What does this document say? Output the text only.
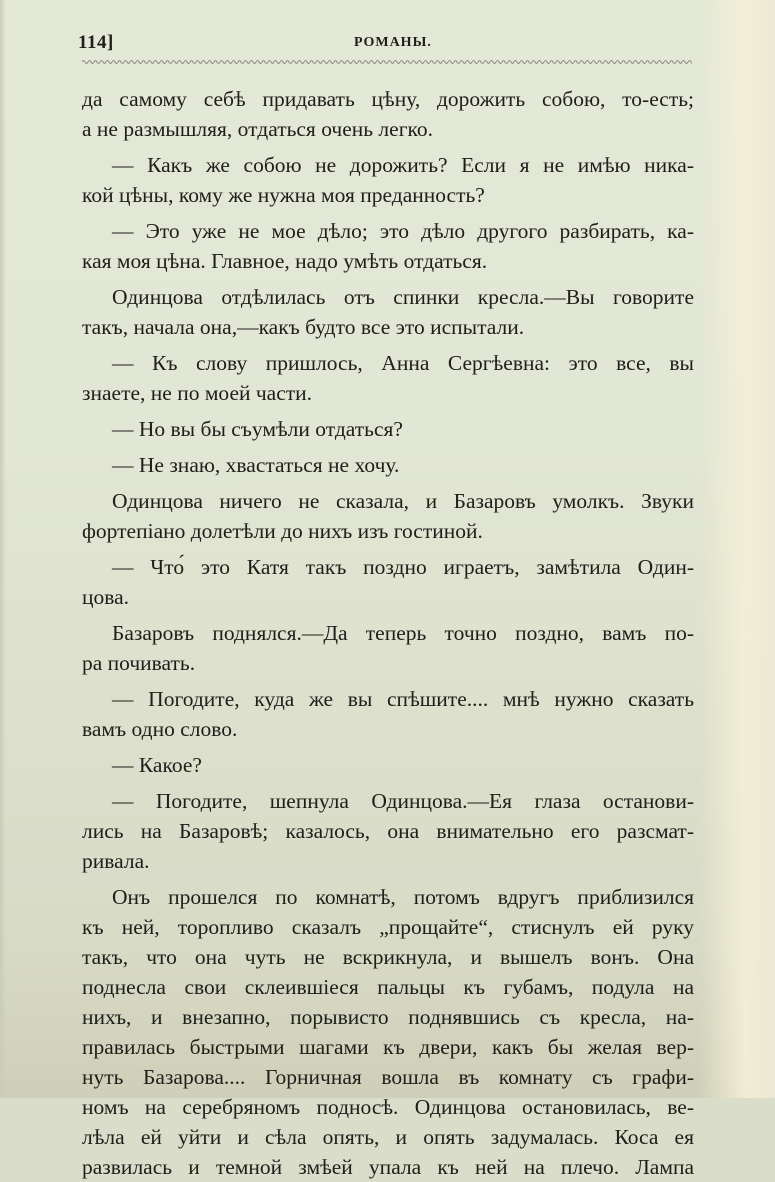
114]	РОМАНЫ.
да самому себѣ придавать цѣну, дорожить собою, то-есть;
а не размышляя, отдаться очень легко.
— Какъ же собою не дорожить? Если я не имѣю ника-
кой цѣны, кому же нужна моя преданность?
— Это уже не мое дѣло; это дѣло другого разбирать, ка-
кая моя цѣна. Главное, надо умѣть отдаться.
Одинцова отдѣлилась отъ спинки кресла.—Вы говорите
такъ, начала она,—какъ будто все это испытали.
— Къ слову пришлось, Анна Сергѣевна: это все, вы
знаете, не по моей части.
— Но вы бы съумѣли отдаться?
— Не знаю, хвастаться не хочу.
Одинцова ничего не сказала, и Базаровъ умолкъ. Звуки
фортепіано долетѣли до нихъ изъ гостиной.
— Что́ это Катя такъ поздно играетъ, замѣтила Один-
цова.
Базаровъ поднялся.—Да теперь точно поздно, вамъ по-
ра почивать.
— Погодите, куда же вы спѣшите.... мнѣ нужно сказать
вамъ одно слово.
— Какое?
— Погодите, шепнула Одинцова.—Ея глаза останови-
лись на Базаровѣ; казалось, она внимательно его разсмат-
ривала.
Онъ прошелся по комнатѣ, потомъ вдругъ приблизился
къ ней, торопливо сказалъ „прощайте“, стиснулъ ей руку
такъ, что она чуть не вскрикнула, и вышелъ вонъ. Она
поднесла свои склеившіеся пальцы къ губамъ, подула на
нихъ, и внезапно, порывисто поднявшись съ кресла, на-
правилась быстрыми шагами къ двери, какъ бы желая вер-
нуть Базарова.... Горничная вошла въ комнату съ графи-
номъ на серебряномъ подносѣ. Одинцова остановилась, ве-
лѣла ей уйти и сѣла опять, и опять задумалась. Коса ея
развилась и темной змѣей упала къ ней на плечо. Лампа
